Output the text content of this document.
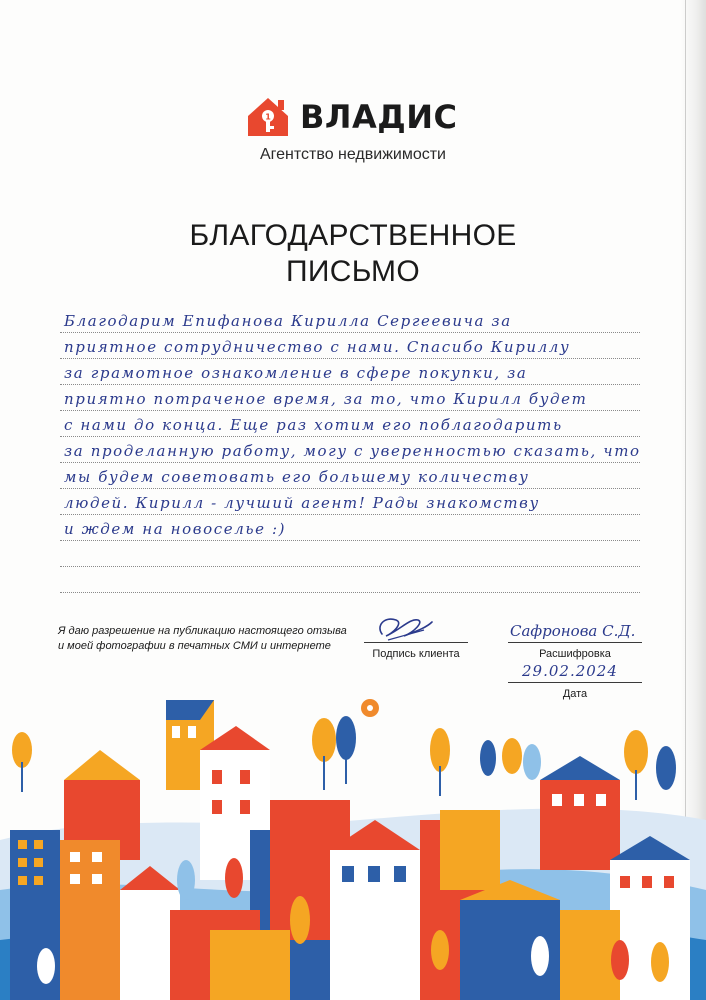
1 ВЛАДИС
Агентство недвижимости
БЛАГОДАРСТВЕННОЕ
ПИСЬМО
Благодарим Епифанова Кирилла Сергеевича за
приятное сотрудничество с нами. Спасибо Кириллу
за грамотное ознакомление в сфере покупки, за
приятно потраченое время, за то, что Кирилл будет
с нами до конца. Еще раз хотим его поблагодарить
за проделанную работу, могу с уверенностью сказать, что
мы будем советовать его большему количеству
людей. Кирилл - лучший агент! Рады знакомству
и ждем на новоселье :)
Я даю разрешение на публикацию настоящего отзыва и моей фотографии в печатных СМИ и интернете
Подпись клиента
Сафронова С.Д.
Расшифровка
29.02.2024
Дата
